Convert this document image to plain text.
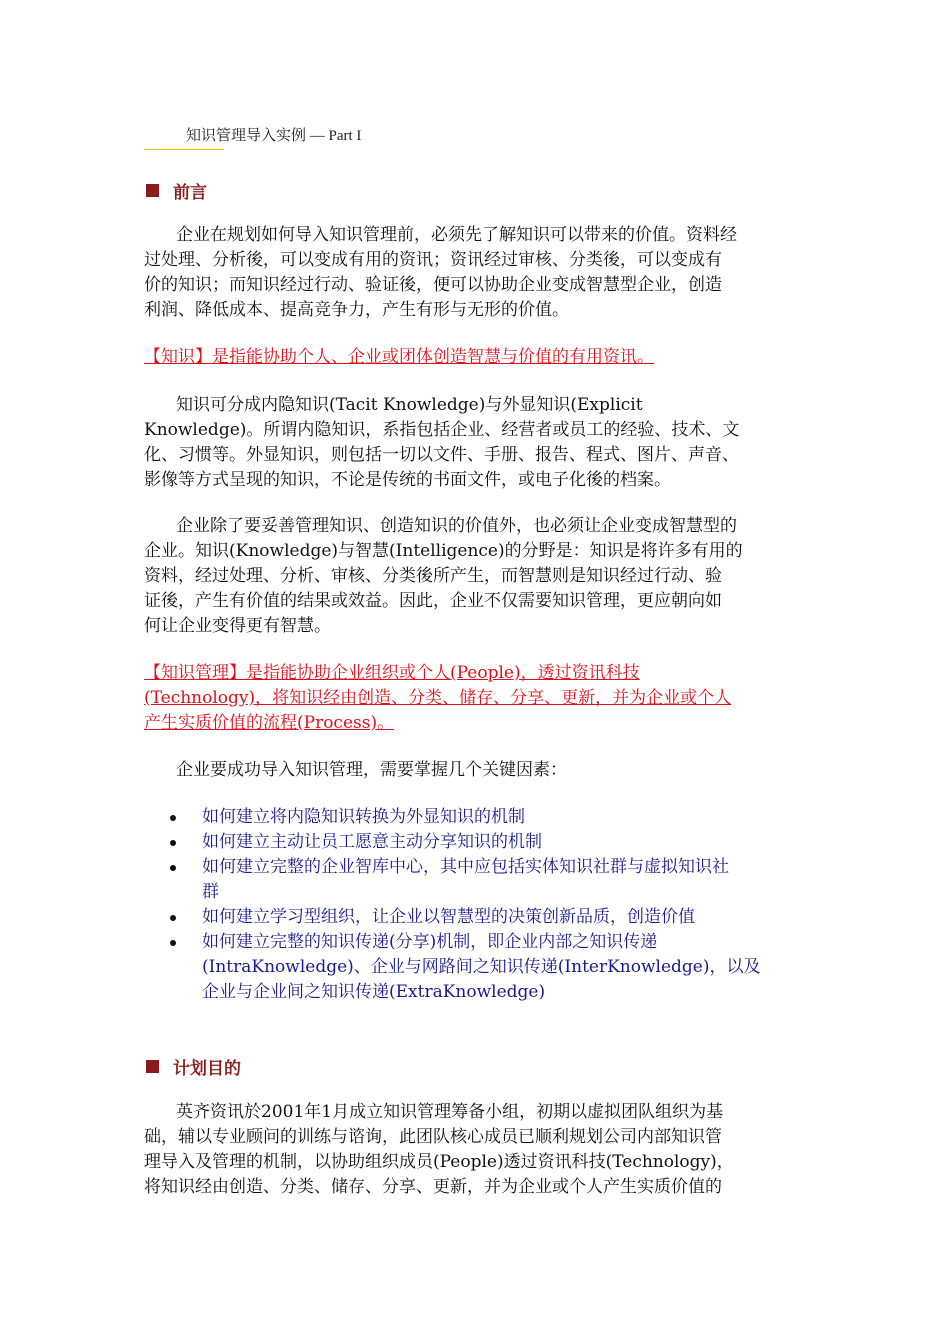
知识管理导入实例 — Part I
前言
企业在规划如何导入知识管理前，必须先了解知识可以带来的价值。资料经
过处理、分析後，可以变成有用的资讯；资讯经过审核、分类後，可以变成有
价的知识；而知识经过行动、验证後，便可以协助企业变成智慧型企业，创造
利润、降低成本、提高竞争力，产生有形与无形的价值。
【知识】是指能协助个人、企业或团体创造智慧与价值的有用资讯。
知识可分成内隐知识(Tacit Knowledge)与外显知识(Explicit
Knowledge)。所谓内隐知识，系指包括企业、经营者或员工的经验、技术、文
化、习惯等。外显知识，则包括一切以文件、手册、报告、程式、图片、声音、
影像等方式呈现的知识，不论是传统的书面文件，或电子化後的档案。
企业除了要妥善管理知识、创造知识的价值外，也必须让企业变成智慧型的
企业。知识(Knowledge)与智慧(Intelligence)的分野是：知识是将许多有用的
资料，经过处理、分析、审核、分类後所产生，而智慧则是知识经过行动、验
证後，产生有价值的结果或效益。因此，企业不仅需要知识管理，更应朝向如
何让企业变得更有智慧。
【知识管理】是指能协助企业组织或个人(People)，透过资讯科技
(Technology)，将知识经由创造、分类、储存、分享、更新，并为企业或个人
产生实质价值的流程(Process)。
企业要成功导入知识管理，需要掌握几个关键因素：
如何建立将内隐知识转换为外显知识的机制
如何建立主动让员工愿意主动分享知识的机制
如何建立完整的企业智库中心，其中应包括实体知识社群与虚拟知识社
群
如何建立学习型组织，让企业以智慧型的决策创新品质，创造价值
如何建立完整的知识传递(分享)机制，即企业内部之知识传递
(IntraKnowledge)、企业与网路间之知识传递(InterKnowledge)，以及
企业与企业间之知识传递(ExtraKnowledge)
计划目的
英齐资讯於2001年1月成立知识管理筹备小组，初期以虚拟团队组织为基
础，辅以专业顾问的训练与谘询，此团队核心成员已顺利规划公司内部知识管
理导入及管理的机制，以协助组织成员(People)透过资讯科技(Technology)，
将知识经由创造、分类、储存、分享、更新，并为企业或个人产生实质价值的
